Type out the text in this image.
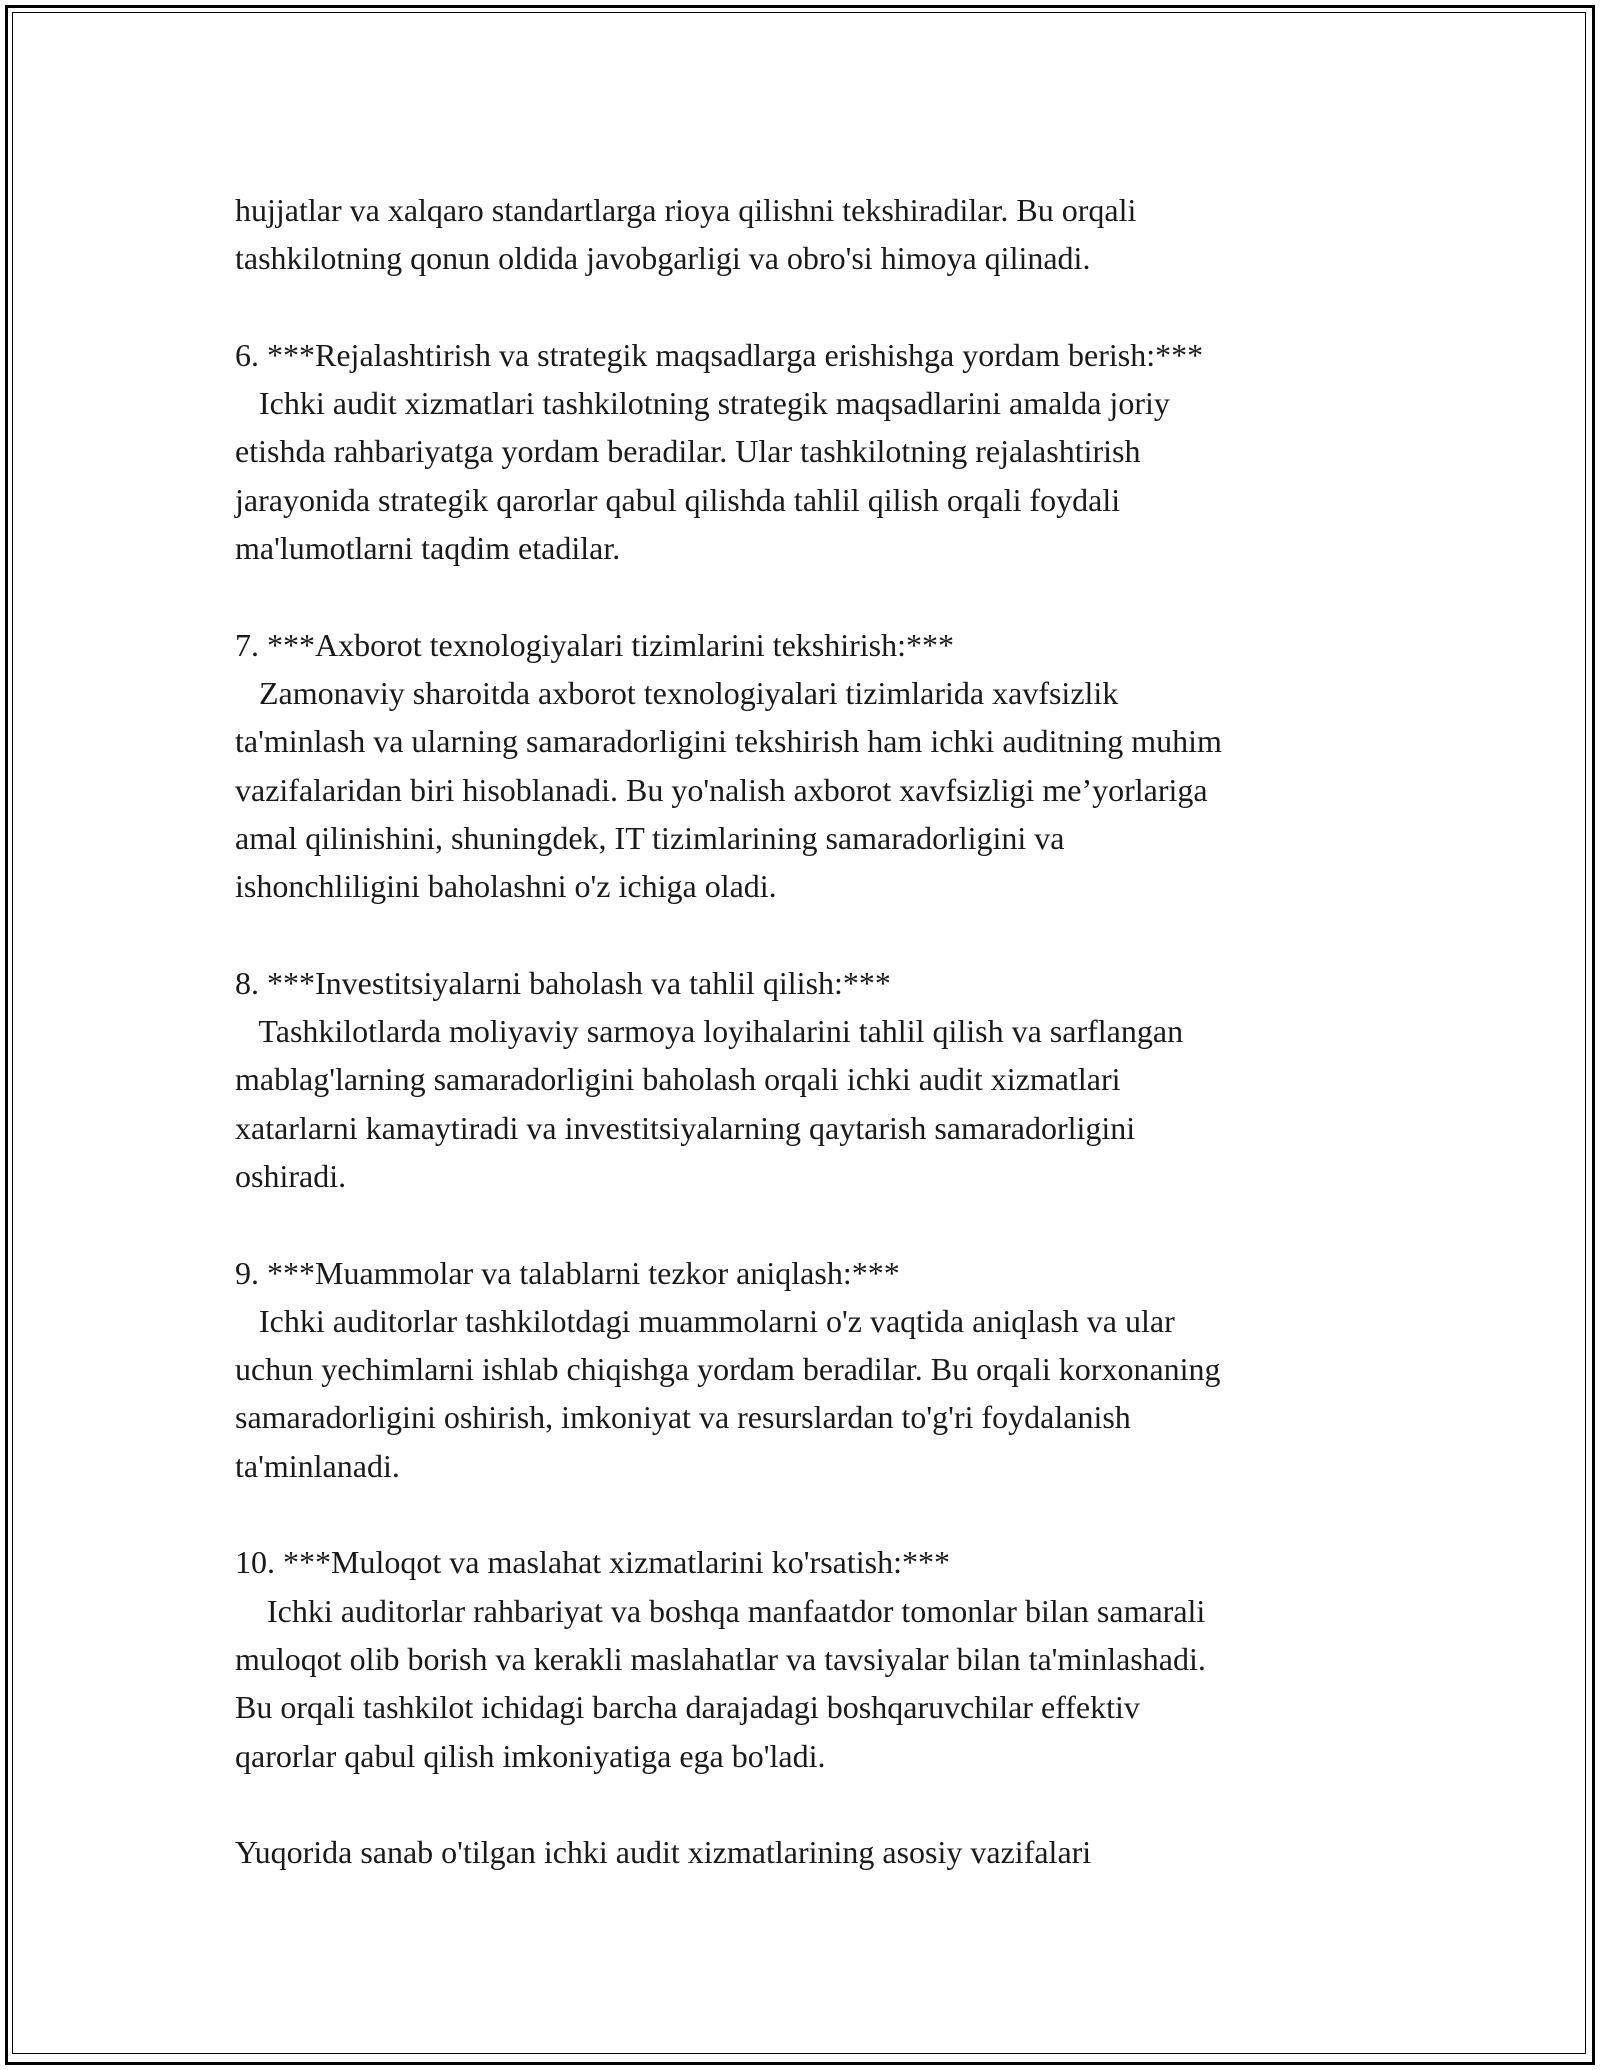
hujjatlar va xalqaro standartlarga rioya qilishni tekshiradilar. Bu orqali
tashkilotning qonun oldida javobgarligi va obro'si himoya qilinadi.
6. ***Rejalashtirish va strategik maqsadlarga erishishga yordam berish:***
Ichki audit xizmatlari tashkilotning strategik maqsadlarini amalda joriy
etishda rahbariyatga yordam beradilar. Ular tashkilotning rejalashtirish
jarayonida strategik qarorlar qabul qilishda tahlil qilish orqali foydali
ma'lumotlarni taqdim etadilar.
7. ***Axborot texnologiyalari tizimlarini tekshirish:***
Zamonaviy sharoitda axborot texnologiyalari tizimlarida xavfsizlik
ta'minlash va ularning samaradorligini tekshirish ham ichki auditning muhim
vazifalaridan biri hisoblanadi. Bu yo'nalish axborot xavfsizligi me’yorlariga
amal qilinishini, shuningdek, IT tizimlarining samaradorligini va
ishonchliligini baholashni o'z ichiga oladi.
8. ***Investitsiyalarni baholash va tahlil qilish:***
Tashkilotlarda moliyaviy sarmoya loyihalarini tahlil qilish va sarflangan
mablag'larning samaradorligini baholash orqali ichki audit xizmatlari
xatarlarni kamaytiradi va investitsiyalarning qaytarish samaradorligini
oshiradi.
9. ***Muammolar va talablarni tezkor aniqlash:***
Ichki auditorlar tashkilotdagi muammolarni o'z vaqtida aniqlash va ular
uchun yechimlarni ishlab chiqishga yordam beradilar. Bu orqali korxonaning
samaradorligini oshirish, imkoniyat va resurslardan to'g'ri foydalanish
ta'minlanadi.
10. ***Muloqot va maslahat xizmatlarini ko'rsatish:***
Ichki auditorlar rahbariyat va boshqa manfaatdor tomonlar bilan samarali
muloqot olib borish va kerakli maslahatlar va tavsiyalar bilan ta'minlashadi.
Bu orqali tashkilot ichidagi barcha darajadagi boshqaruvchilar effektiv
qarorlar qabul qilish imkoniyatiga ega bo'ladi.
Yuqorida sanab o'tilgan ichki audit xizmatlarining asosiy vazifalari
